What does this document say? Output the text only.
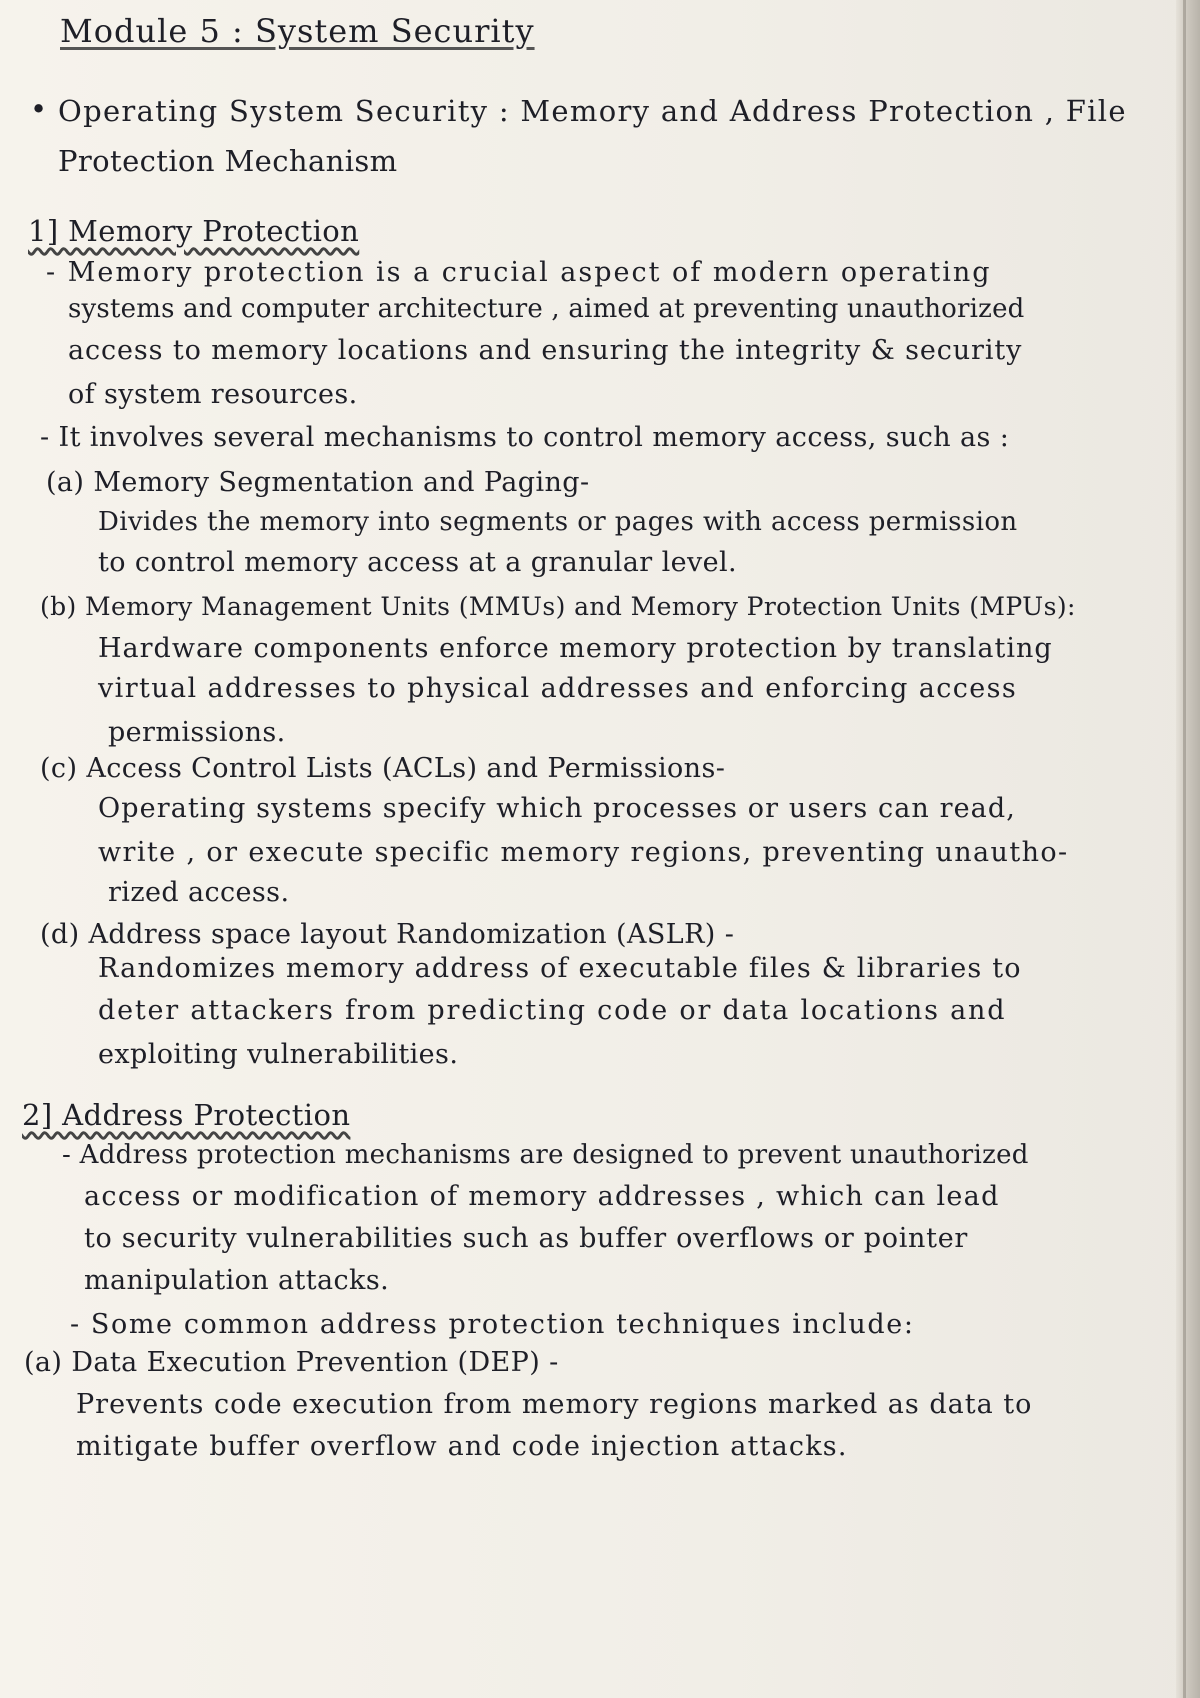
Module 5 : System Security
• Operating System Security : Memory and Address Protection , File
Protection Mechanism
1] Memory Protection
- Memory protection is a crucial aspect of modern operating
systems and computer architecture , aimed at preventing unauthorized
access to memory locations and ensuring the integrity & security
of system resources.
- It involves several mechanisms to control memory access, such as :
(a) Memory Segmentation and Paging-
Divides the memory into segments or pages with access permission
to control memory access at a granular level.
(b) Memory Management Units (MMUs) and Memory Protection Units (MPUs):
Hardware components enforce memory protection by translating
virtual addresses to physical addresses and enforcing access
permissions.
(c) Access Control Lists (ACLs) and Permissions-
Operating systems specify which processes or users can read,
write , or execute specific memory regions, preventing unautho-
rized access.
(d) Address space layout Randomization (ASLR) -
Randomizes memory address of executable files & libraries to
deter attackers from predicting code or data locations and
exploiting vulnerabilities.
2] Address Protection
- Address protection mechanisms are designed to prevent unauthorized
access or modification of memory addresses , which can lead
to security vulnerabilities such as buffer overflows or pointer
manipulation attacks.
- Some common address protection techniques include:
(a) Data Execution Prevention (DEP) -
Prevents code execution from memory regions marked as data to
mitigate buffer overflow and code injection attacks.
